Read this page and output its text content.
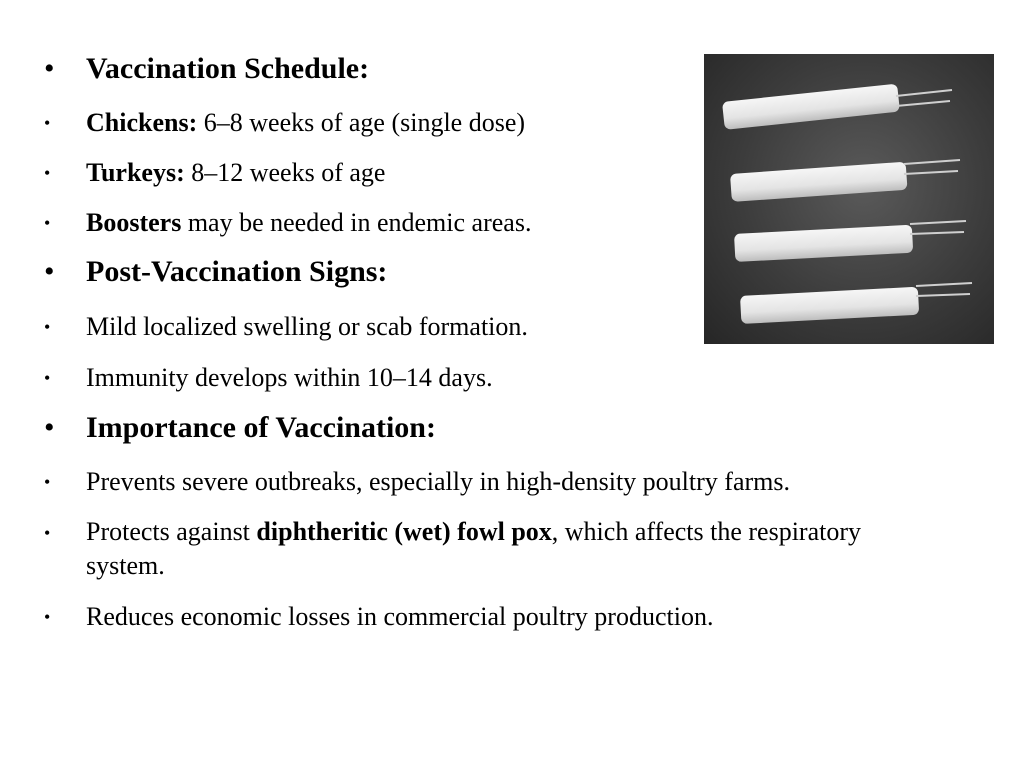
• Vaccination Schedule:
• Chickens: 6–8 weeks of age (single dose)
• Turkeys: 8–12 weeks of age
• Boosters may be needed in endemic areas.
• Post-Vaccination Signs:
• Mild localized swelling or scab formation.
• Immunity develops within 10–14 days.
• Importance of Vaccination:
• Prevents severe outbreaks, especially in high-density poultry farms.
• Protects against diphtheritic (wet) fowl pox, which affects the respiratory system.
• Reduces economic losses in commercial poultry production.
